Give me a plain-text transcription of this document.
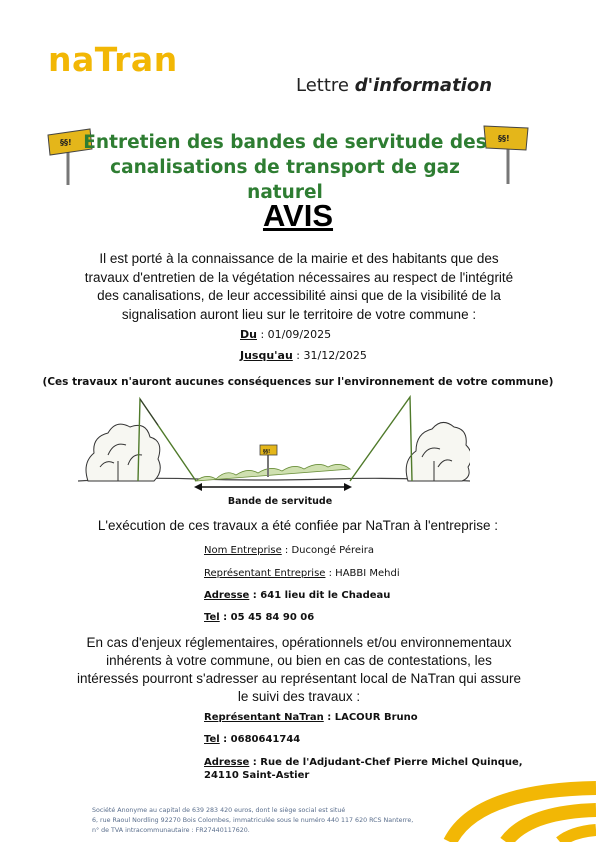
naTran
Lettre d'information
§§!	§§!
Entretien des bandes de servitude des
canalisations de transport de gaz naturel
AVIS
Il est porté à la connaissance de la mairie et des habitants que des
travaux d'entretien de la végétation nécessaires au respect de l'intégrité
des canalisations, de leur accessibilité ainsi que de la visibilité de la
signalisation auront lieu sur le territoire de votre commune :
Du : 01/09/2025
Jusqu'au : 31/12/2025
(Ces travaux n'auront aucunes conséquences sur l'environnement de votre commune)
§§!
Bande de servitude
L'exécution de ces travaux a été confiée par NaTran à l'entreprise :
Nom Entreprise : Ducongé Péreira
Représentant Entreprise : HABBI Mehdi
Adresse : 641 lieu dit le Chadeau
Tel : 05 45 84 90 06
En cas d'enjeux réglementaires, opérationnels et/ou environnementaux
inhérents à votre commune, ou bien en cas de contestations, les
intéressés pourront s'adresser au représentant local de NaTran qui assure
le suivi des travaux :
Représentant NaTran : LACOUR Bruno
Tel : 0680641744
Adresse : Rue de l'Adjudant-Chef Pierre Michel Quinque,
24110 Saint-Astier
Société Anonyme au capital de 639 283 420 euros, dont le siège social est situé
6, rue Raoul Nordling 92270 Bois Colombes, immatriculée sous le numéro 440 117 620 RCS Nanterre,
n° de TVA intracommunautaire : FR27440117620.
